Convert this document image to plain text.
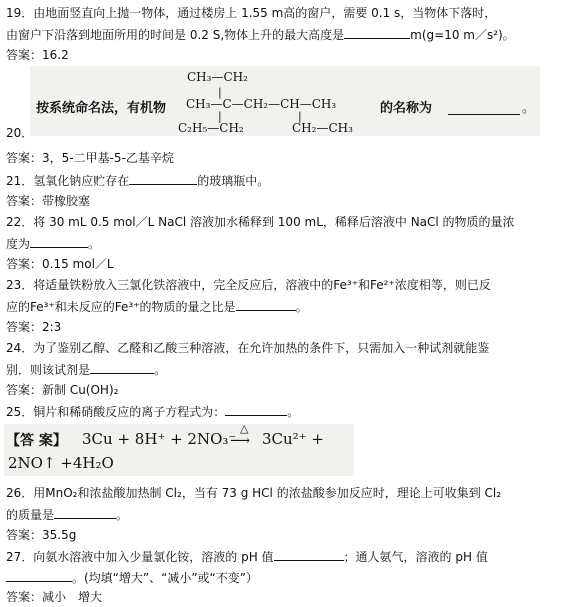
19．由地面竖直向上抛一物体，通过楼房上 1.55 m高的窗户，需要 0.1 s，当物体下落时，
由窗户下沿落到地面所用的时间是 0.2 S,物体上升的最大高度是	m(g=10 m／s²)。
答案：16.2
CH₃—CH₂
|
按系统命名法，有机物 CH₃—C—CH₂—CH—CH₃	的名称为	。
|	|
C₂H₅—CH₂	CH₂—CH₃
20．
答案：3，5-二甲基-5-乙基辛烷
21．氢氧化钠应贮存在	的玻璃瓶中。
答案：带橡胶塞
22．将 30 mL 0.5 mol／L NaCl 溶液加水稀释到 100 mL，稀释后溶液中 NaCl 的物质的量浓
度为	。
答案：0.15 mol／L
23．将适量铁粉放入三氯化铁溶液中，完全反应后，溶液中的Fe³⁺和Fe²⁺浓度相等，则已反
应的Fe³⁺和未反应的Fe³⁺的物质的量之比是	。
答案：2:3
24．为了鉴别乙醇、乙醛和乙酸三种溶液，在允许加热的条件下，只需加入一种试剂就能鉴
别．则该试剂是	。
答案：新制 Cu(OH)₂
25．铜片和稀硝酸反应的离子方程式为：	。
【答 案】 3Cu + 8H⁺ + 2NO₃⁻
△
⟶ 3Cu²⁺ +
2NO↑ +4H₂O
26．用MnO₂和浓盐酸加热制 Cl₂，当有 73 g HCl 的浓盐酸参加反应时，理论上可收集到 Cl₂
的质量是	。
答案：35.5g
27．向氨水溶液中加入少量氯化铵，溶液的 pH 值	；通人氨气，溶液的 pH 值
。(均填“增大”、“减小”或“不变”）
答案：减小　增大
